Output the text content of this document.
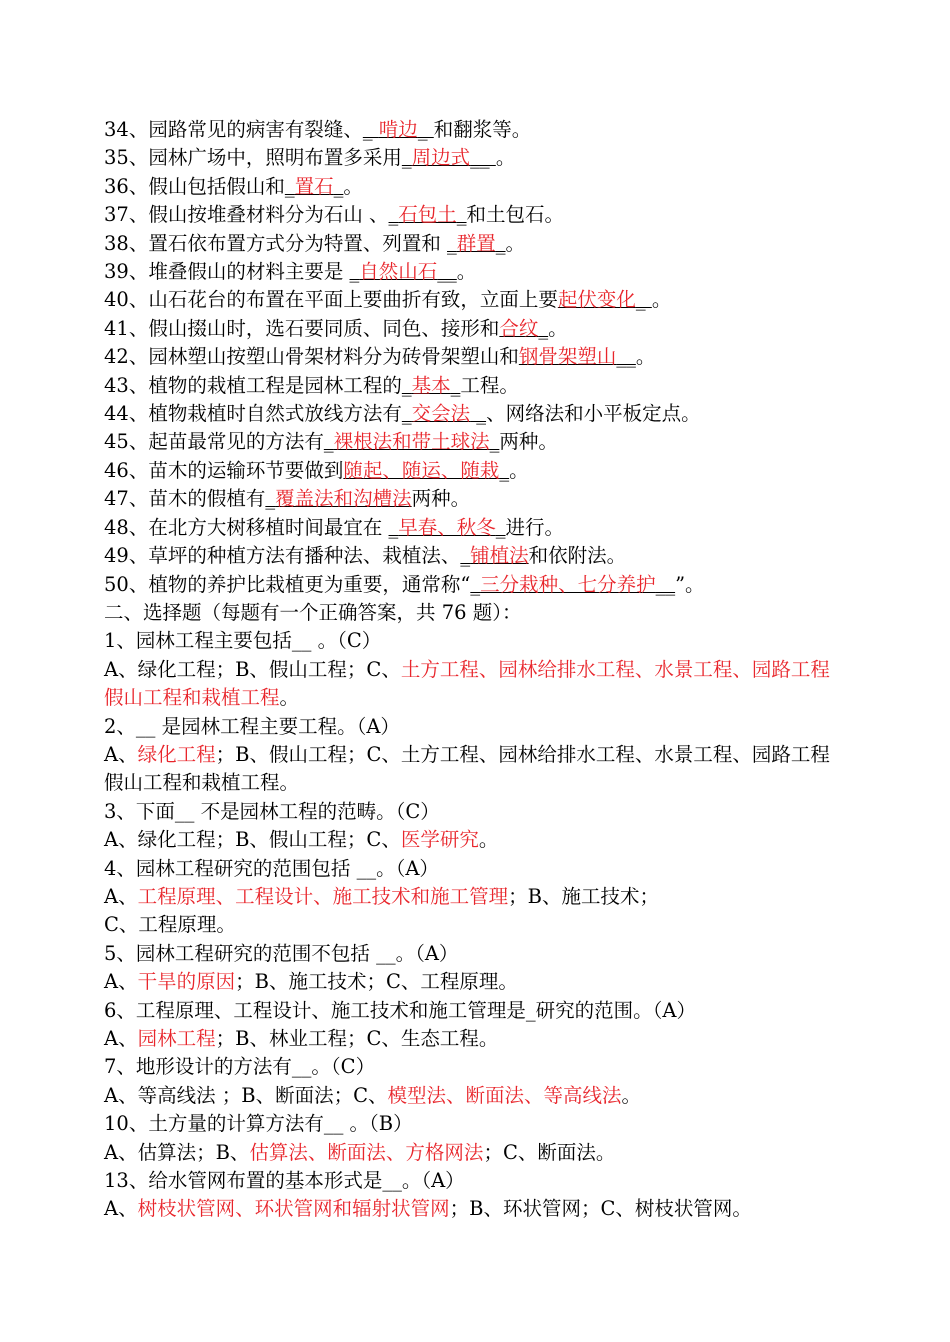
34、园路常见的病害有裂缝、_ 啃边_ 和翻浆等。
35、园林广场中，照明布置多采用_周边式__ 。
36、假山包括假山和_置石_。
37、假山按堆叠材料分为石山 、_石包土_和土包石。
38、置石依布置方式分为特置、列置和 _群置_。
39、堆叠假山的材料主要是 _自然山石__。
40、山石花台的布置在平面上要曲折有致，立面上要起伏变化_ 。
41、假山掇山时，选石要同质、同色、接形和合纹_。
42、园林塑山按塑山骨架材料分为砖骨架塑山和钢骨架塑山__。
43、植物的栽植工程是园林工程的_基本_工程。
44、植物栽植时自然式放线方法有_交会法 _、网络法和小平板定点。
45、起苗最常见的方法有_裸根法和带土球法_两种。
46、苗木的运输环节要做到随起、随运、随栽_。
47、苗木的假植有_覆盖法和沟槽法两种。
48、在北方大树移植时间最宜在 _早春、秋冬_进行。
49、草坪的种植方法有播种法、栽植法、_铺植法和依附法。
50、植物的养护比栽植更为重要，通常称“_三分栽种、七分养护__”。
二、选择题（每题有一个正确答案，共 76 题）：
1、园林工程主要包括__ 。（C）
A、绿化工程；B、假山工程；C、土方工程、园林给排水工程、水景工程、园路工程
假山工程和栽植工程。
2、__ 是园林工程主要工程。（A）
A、绿化工程；B、假山工程；C、土方工程、园林给排水工程、水景工程、园路工程
假山工程和栽植工程。
3、下面__ 不是园林工程的范畴。（C）
A、绿化工程；B、假山工程；C、医学研究。
4、园林工程研究的范围包括 __。（A）
A、工程原理、工程设计、施工技术和施工管理；B、施工技术；
C、工程原理。
5、园林工程研究的范围不包括 __。（A）
A、干旱的原因；B、施工技术；C、工程原理。
6、工程原理、工程设计、施工技术和施工管理是_研究的范围。（A）
A、园林工程；B、林业工程；C、生态工程。
7、地形设计的方法有__。（C）
A、等高线法 ；B、断面法；C、模型法、断面法、等高线法。
10、土方量的计算方法有__ 。（B）
A、估算法；B、估算法、断面法、方格网法；C、断面法。
13、给水管网布置的基本形式是__。（A）
A、树枝状管网、环状管网和辐射状管网；B、环状管网；C、树枝状管网。
